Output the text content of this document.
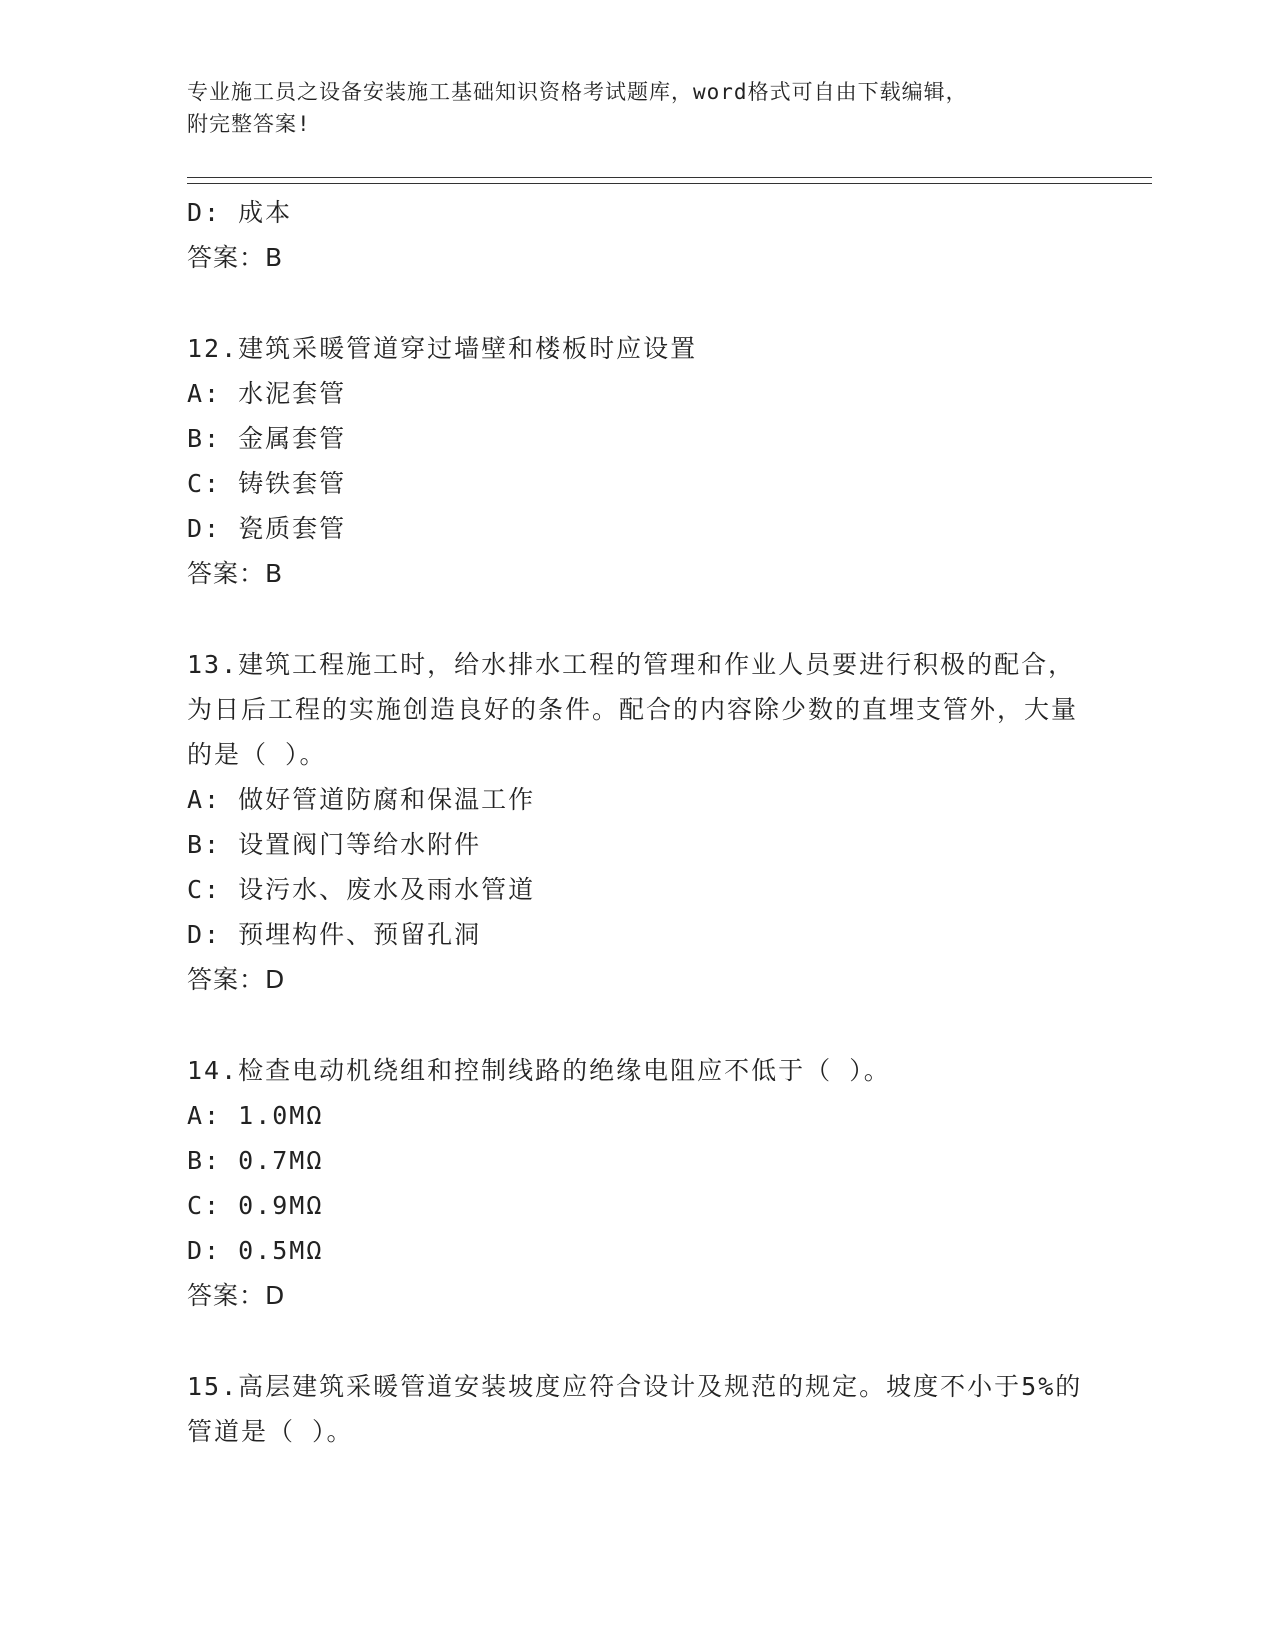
专业施工员之设备安装施工基础知识资格考试题库，word格式可自由下载编辑，
附完整答案!
D: 成本
答案：B
12.建筑采暖管道穿过墙壁和楼板时应设置
A: 水泥套管
B: 金属套管
C: 铸铁套管
D: 瓷质套管
答案：B
13.建筑工程施工时，给水排水工程的管理和作业人员要进行积极的配合，为日后工程的实施创造良好的条件。配合的内容除少数的直埋支管外，大量的是（ ）。
A: 做好管道防腐和保温工作
B: 设置阀门等给水附件
C: 设污水、废水及雨水管道
D: 预埋构件、预留孔洞
答案：D
14.检查电动机绕组和控制线路的绝缘电阻应不低于（ ）。
A: 1.0MΩ
B: 0.7MΩ
C: 0.9MΩ
D: 0.5MΩ
答案：D
15.高层建筑采暖管道安装坡度应符合设计及规范的规定。坡度不小于5%的管道是（ ）。
